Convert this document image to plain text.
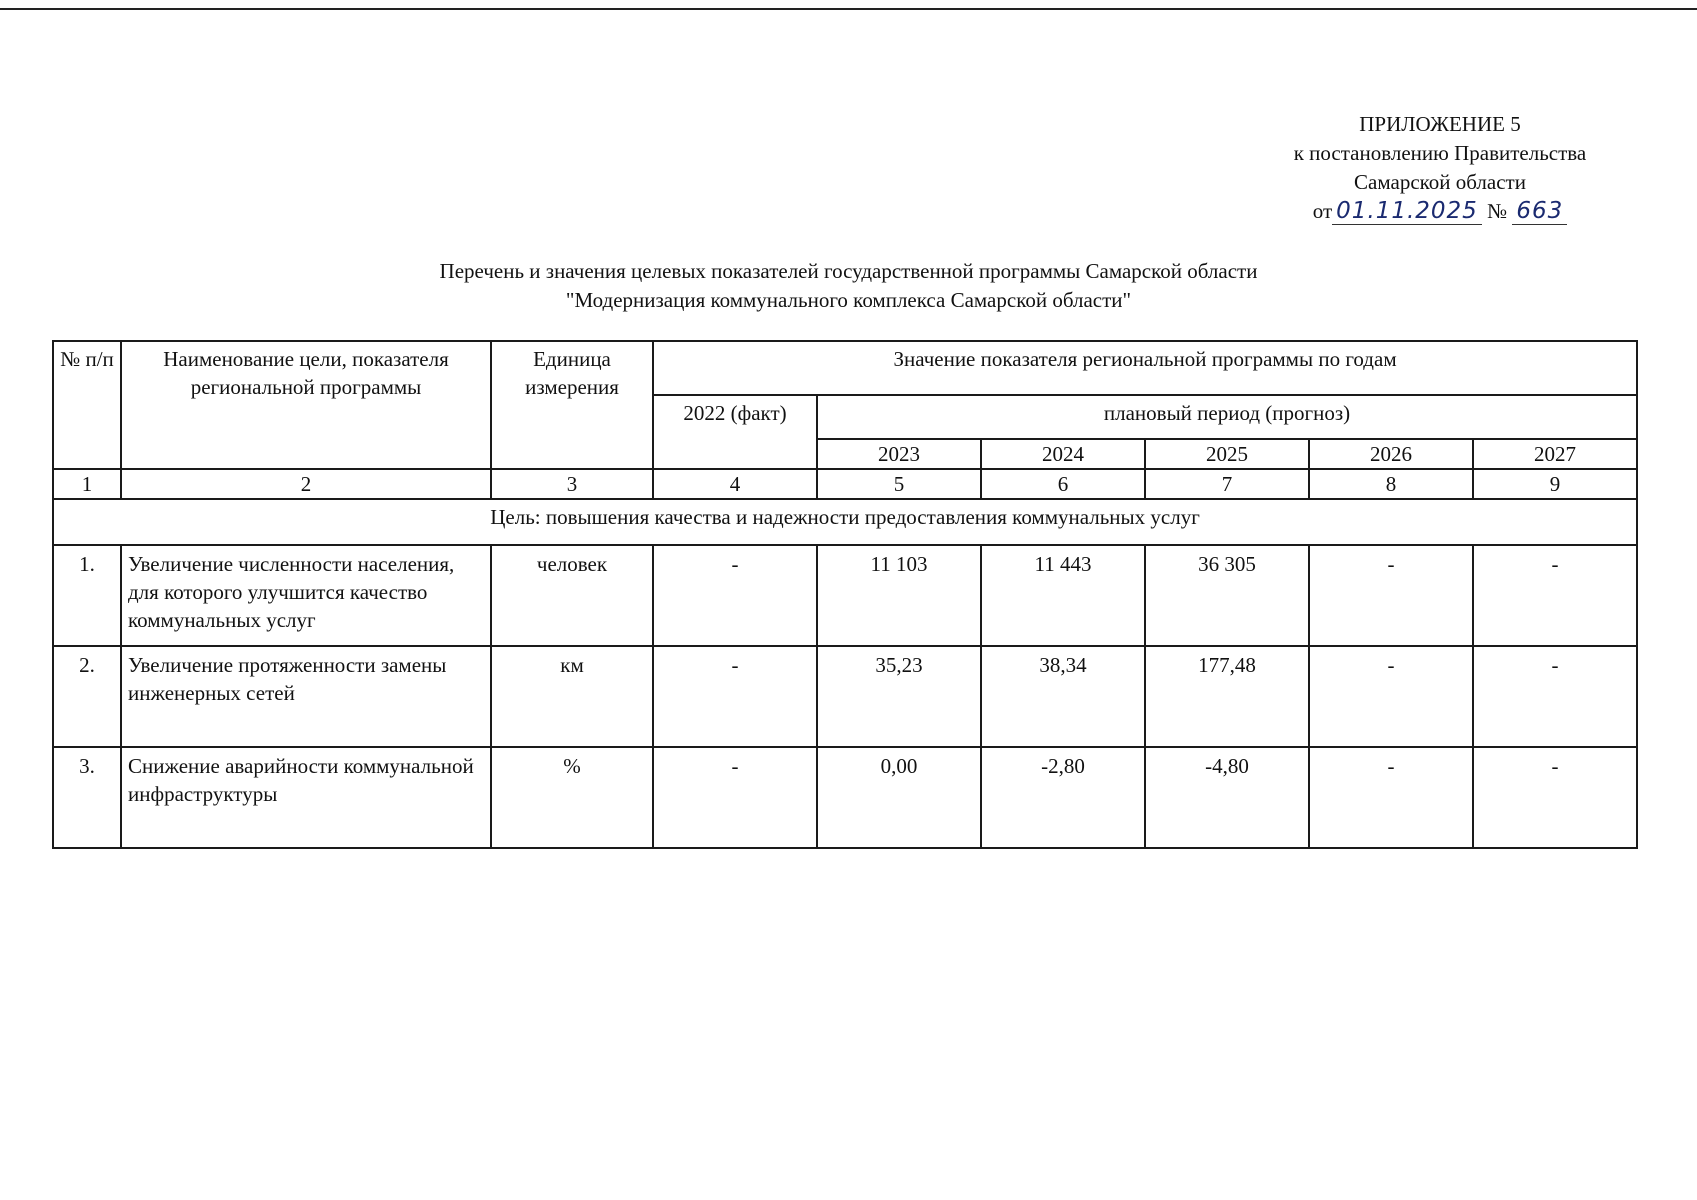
ПРИЛОЖЕНИЕ 5
к постановлению Правительства
Самарской области
от 01.11.2025 № 663
Перечень и значения целевых показателей государственной программы Самарской области
"Модернизация коммунального комплекса Самарской области"
№ п/п	Наименование цели, показателя региональной программы	Единица измерения	Значение показателя региональной программы по годам					
			2022 (факт)	плановый период (прогноз)				
				2023	2024	2025	2026	2027
1	2	3	4	5	6	7	8	9
Цель: повышения качества и надежности предоставления коммунальных услуг								
1.	Увеличение численности населения, для которого улучшится качество коммунальных услуг	человек	-	11 103	11 443	36 305	-	-
2.	Увеличение протяженности замены инженерных сетей	км	-	35,23	38,34	177,48	-	-
3.	Снижение аварийности коммунальной инфраструктуры	%	-	0,00	-2,80	-4,80	-	-
